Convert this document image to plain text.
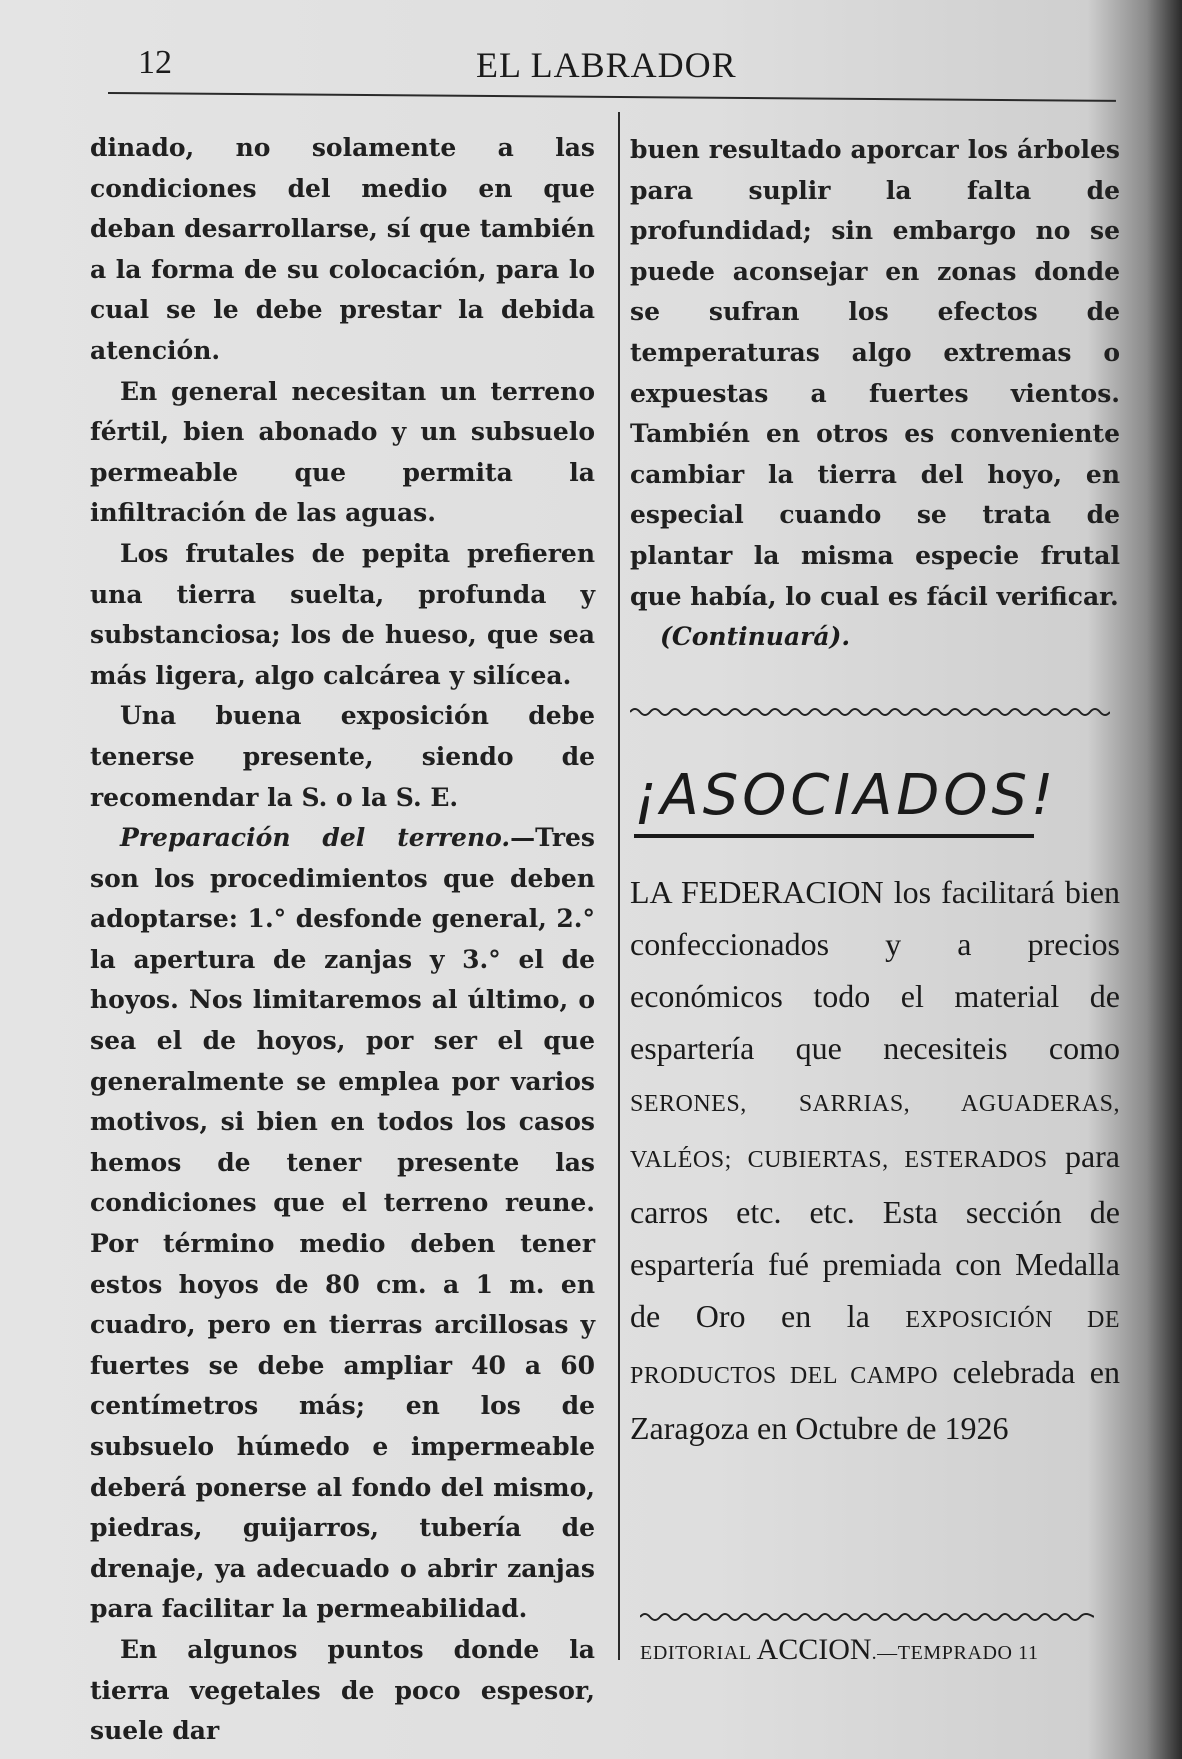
12	EL LABRADOR

dinado, no solamente a las condiciones del medio en que deban desarrollarse, sí que también a la forma de su colocación, para lo cual se le debe prestar la debida atención.

En general necesitan un terreno fértil, bien abonado y un subsuelo permeable que permita la infiltración de las aguas.

Los frutales de pepita prefieren una tierra suelta, profunda y substanciosa; los de hueso, que sea más ligera, algo calcárea y silícea.

Una buena exposición debe tenerse presente, siendo de recomendar la S. o la S. E.

Preparación del terreno.—Tres son los procedimientos que deben adoptarse: 1.° desfonde general, 2.° la apertura de zanjas y 3.° el de hoyos. Nos limitaremos al último, o sea el de hoyos, por ser el que generalmente se emplea por varios motivos, si bien en todos los casos hemos de tener presente las condiciones que el terreno reune. Por término medio deben tener estos hoyos de 80 cm. a 1 m. en cuadro, pero en tierras arcillosas y fuertes se debe ampliar 40 a 60 centímetros más; en los de subsuelo húmedo e impermeable deberá ponerse al fondo del mismo, piedras, guijarros, tubería de drenaje, ya adecuado o abrir zanjas para facilitar la permeabilidad.

En algunos puntos donde la tierra vegetales de poco espesor, suele dar

buen resultado aporcar los árboles para suplir la falta de profundidad; sin embargo no se puede aconsejar en zonas donde se sufran los efectos de temperaturas algo extremas o expuestas a fuertes vientos. También en otros es conveniente cambiar la tierra del hoyo, en especial cuando se trata de plantar la misma especie frutal que había, lo cual es fácil verificar.

(Continuará).

¡ASOCIADOS!

LA FEDERACION los facilitará bien confeccionados y a precios económicos todo el material de espartería que necesiteis como SERONES, SARRIAS, AGUADERAS, VALÉOS; CUBIERTAS, ESTERADOS para carros etc. etc. Esta sección de espartería fué premiada con Medalla de Oro en la EXPOSICIÓN DE PRODUCTOS DEL CAMPO celebrada en Zaragoza en Octubre de 1926

EDITORIAL ACCION.—TEMPRADO 11
